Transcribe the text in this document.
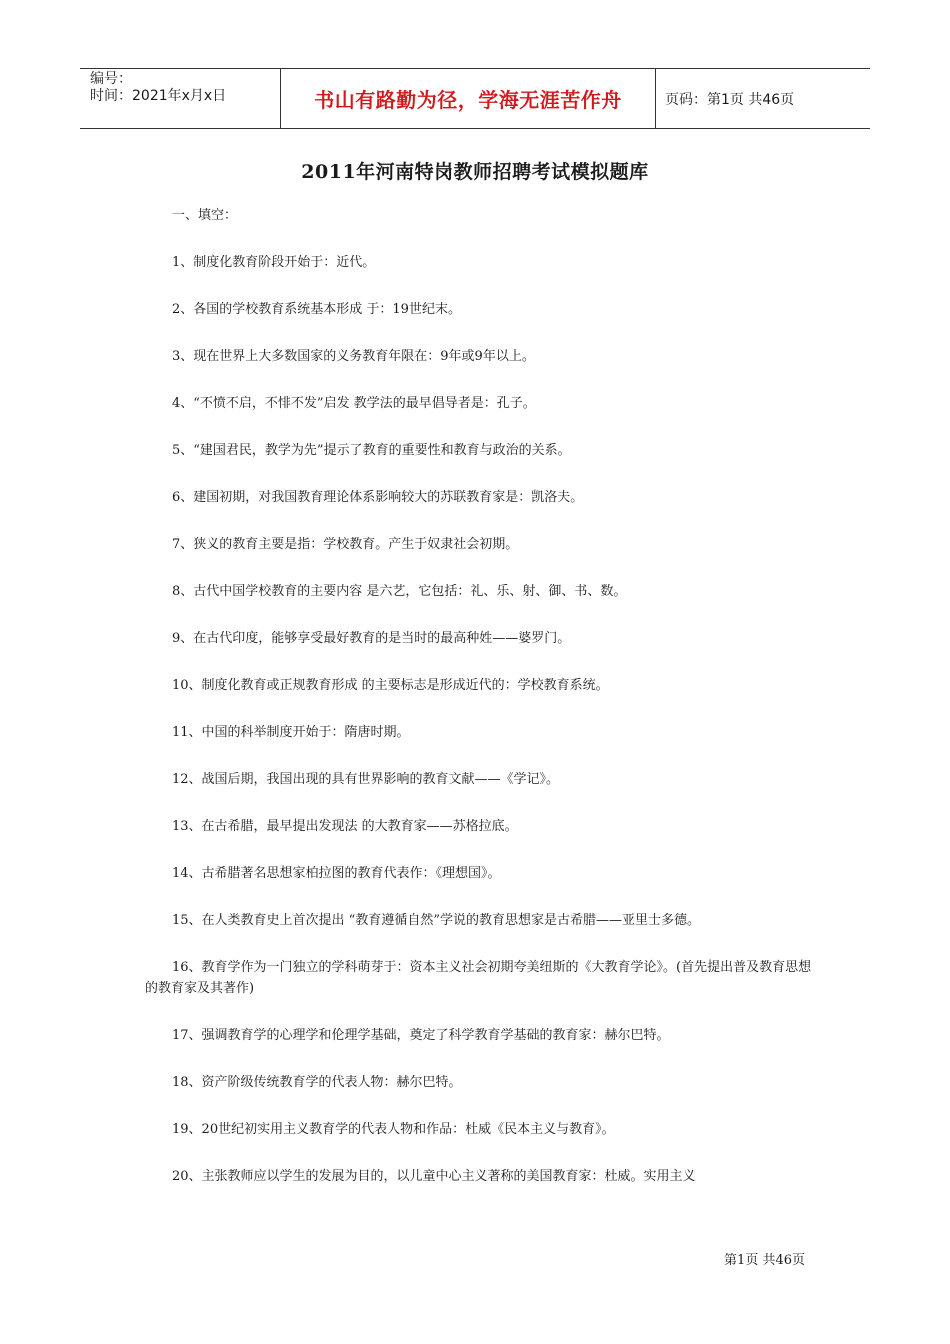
编号：
时间：2021年x月x日	书山有路勤为径，学海无涯苦作舟	页码：第1页 共46页
2011年河南特岗教师招聘考试模拟题库

一、填空：

1、制度化教育阶段开始于：近代。

2、各国的学校教育系统基本形成 于：19世纪末。

3、现在世界上大多数国家的义务教育年限在：9年或9年以上。

4、“不愤不启，不悱不发”启发 教学法的最早倡导者是：孔子。

5、“建国君民，教学为先”提示了教育的重要性和教育与政治的关系。

6、建国初期，对我国教育理论体系影响较大的苏联教育家是：凯洛夫。

7、狭义的教育主要是指：学校教育。产生于奴隶社会初期。

8、古代中国学校教育的主要内容 是六艺，它包括：礼、乐、射、御、书、数。

9、在古代印度，能够享受最好教育的是当时的最高种姓——婆罗门。

10、制度化教育或正规教育形成 的主要标志是形成近代的：学校教育系统。

11、中国的科举制度开始于：隋唐时期。

12、战国后期，我国出现的具有世界影响的教育文献——《学记》。

13、在古希腊，最早提出发现法 的大教育家——苏格拉底。

14、古希腊著名思想家柏拉图的教育代表作：《理想国》。

15、在人类教育史上首次提出 “教育遵循自然”学说的教育思想家是古希腊——亚里士多德。

16、教育学作为一门独立的学科萌芽于：资本主义社会初期夸美纽斯的《大教育学论》。(首先提出普及教育思想的教育家及其著作)

17、强调教育学的心理学和伦理学基础，奠定了科学教育学基础的教育家：赫尔巴特。

18、资产阶级传统教育学的代表人物：赫尔巴特。

19、20世纪初实用主义教育学的代表人物和作品：杜威《民本主义与教育》。

20、主张教师应以学生的发展为目的，以儿童中心主义著称的美国教育家：杜威。实用主义

第1页 共46页
